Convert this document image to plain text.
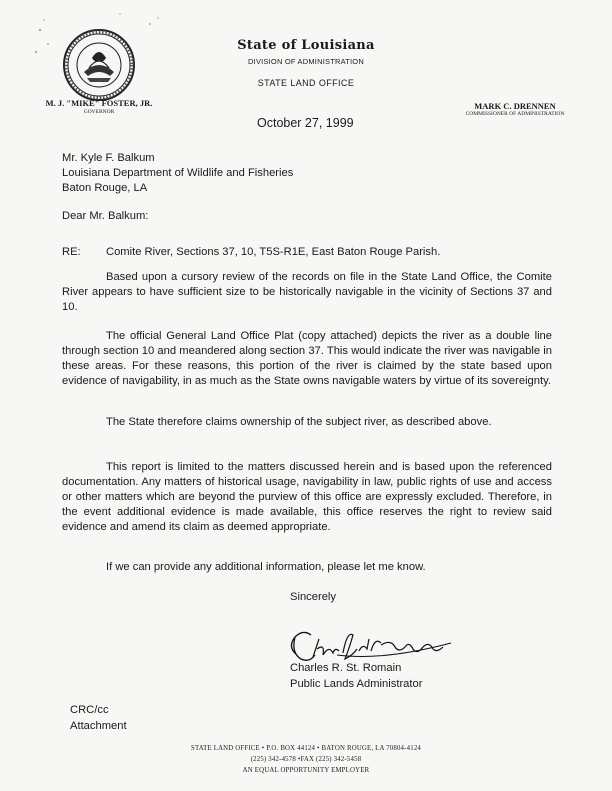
State of Louisiana
DIVISION OF ADMINISTRATION
STATE LAND OFFICE
M. J. "MIKE" FOSTER, JR.
GOVERNOR
MARK C. DRENNEN
COMMISSIONER OF ADMINISTRATION
October 27, 1999
Mr. Kyle F. Balkum
Louisiana Department of Wildlife and Fisheries
Baton Rouge, LA
Dear Mr. Balkum:
RE: Comite River, Sections 37, 10, T5S-R1E, East Baton Rouge Parish.
Based upon a cursory review of the records on file in the State Land Office, the Comite River appears to have sufficient size to be historically navigable in the vicinity of Sections 37 and 10.
The official General Land Office Plat (copy attached) depicts the river as a double line through section 10 and meandered along section 37. This would indicate the river was navigable in these areas. For these reasons, this portion of the river is claimed by the state based upon evidence of navigability, in as much as the State owns navigable waters by virtue of its sovereignty.
The State therefore claims ownership of the subject river, as described above.
This report is limited to the matters discussed herein and is based upon the referenced documentation. Any matters of historical usage, navigability in law, public rights of use and access or other matters which are beyond the purview of this office are expressly excluded. Therefore, in the event additional evidence is made available, this office reserves the right to review said evidence and amend its claim as deemed appropriate.
If we can provide any additional information, please let me know.
Sincerely
Charles R. St. Romain
Public Lands Administrator
CRC/cc
Attachment
STATE LAND OFFICE • P.O. BOX 44124 • BATON ROUGE, LA 70804-4124
(225) 342-4578 •FAX (225) 342-5458
AN EQUAL OPPORTUNITY EMPLOYER
